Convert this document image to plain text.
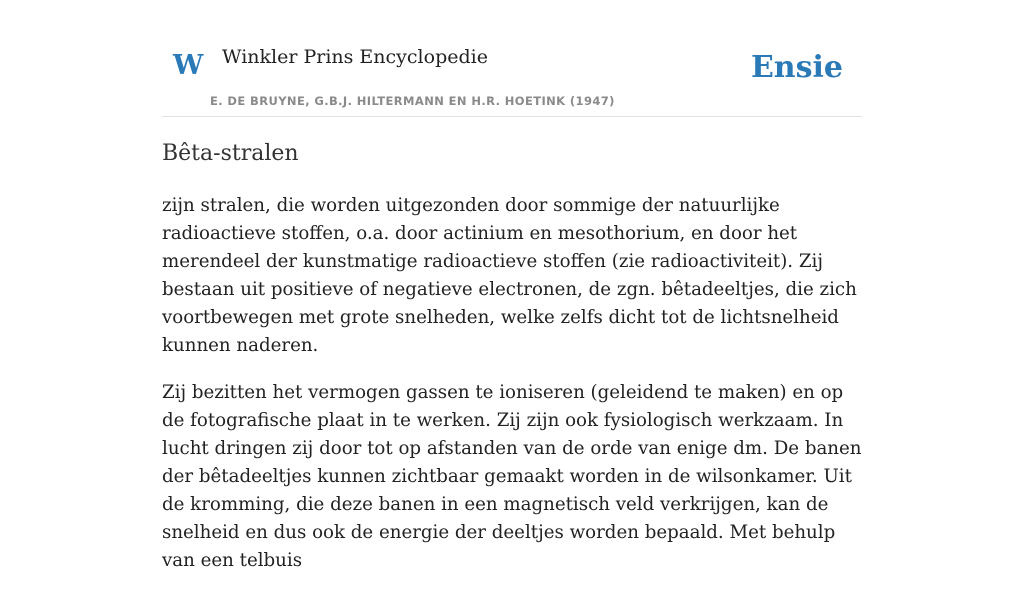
W Winkler Prins Encyclopedie
E. DE BRUYNE, G.B.J. HILTERMANN EN H.R. HOETINK (1947)
Ensie
Bêta-stralen

zijn stralen, die worden uitgezonden door sommige der natuurlijke radioactieve stoffen, o.a. door actinium en mesothorium, en door het merendeel der kunstmatige radioactieve stoffen (zie radioactiviteit). Zij bestaan uit positieve of negatieve electronen, de zgn. bêtadeeltjes, die zich voortbewegen met grote snelheden, welke zelfs dicht tot de lichtsnelheid kunnen naderen.

Zij bezitten het vermogen gassen te ioniseren (geleidend te maken) en op de fotografische plaat in te werken. Zij zijn ook fysiologisch werkzaam. In lucht dringen zij door tot op afstanden van de orde van enige dm. De banen der bêtadeeltjes kunnen zichtbaar gemaakt worden in de wilsonkamer. Uit de kromming, die deze banen in een magnetisch veld verkrijgen, kan de snelheid en dus ook de energie der deeltjes worden bepaald. Met behulp van een telbuis
